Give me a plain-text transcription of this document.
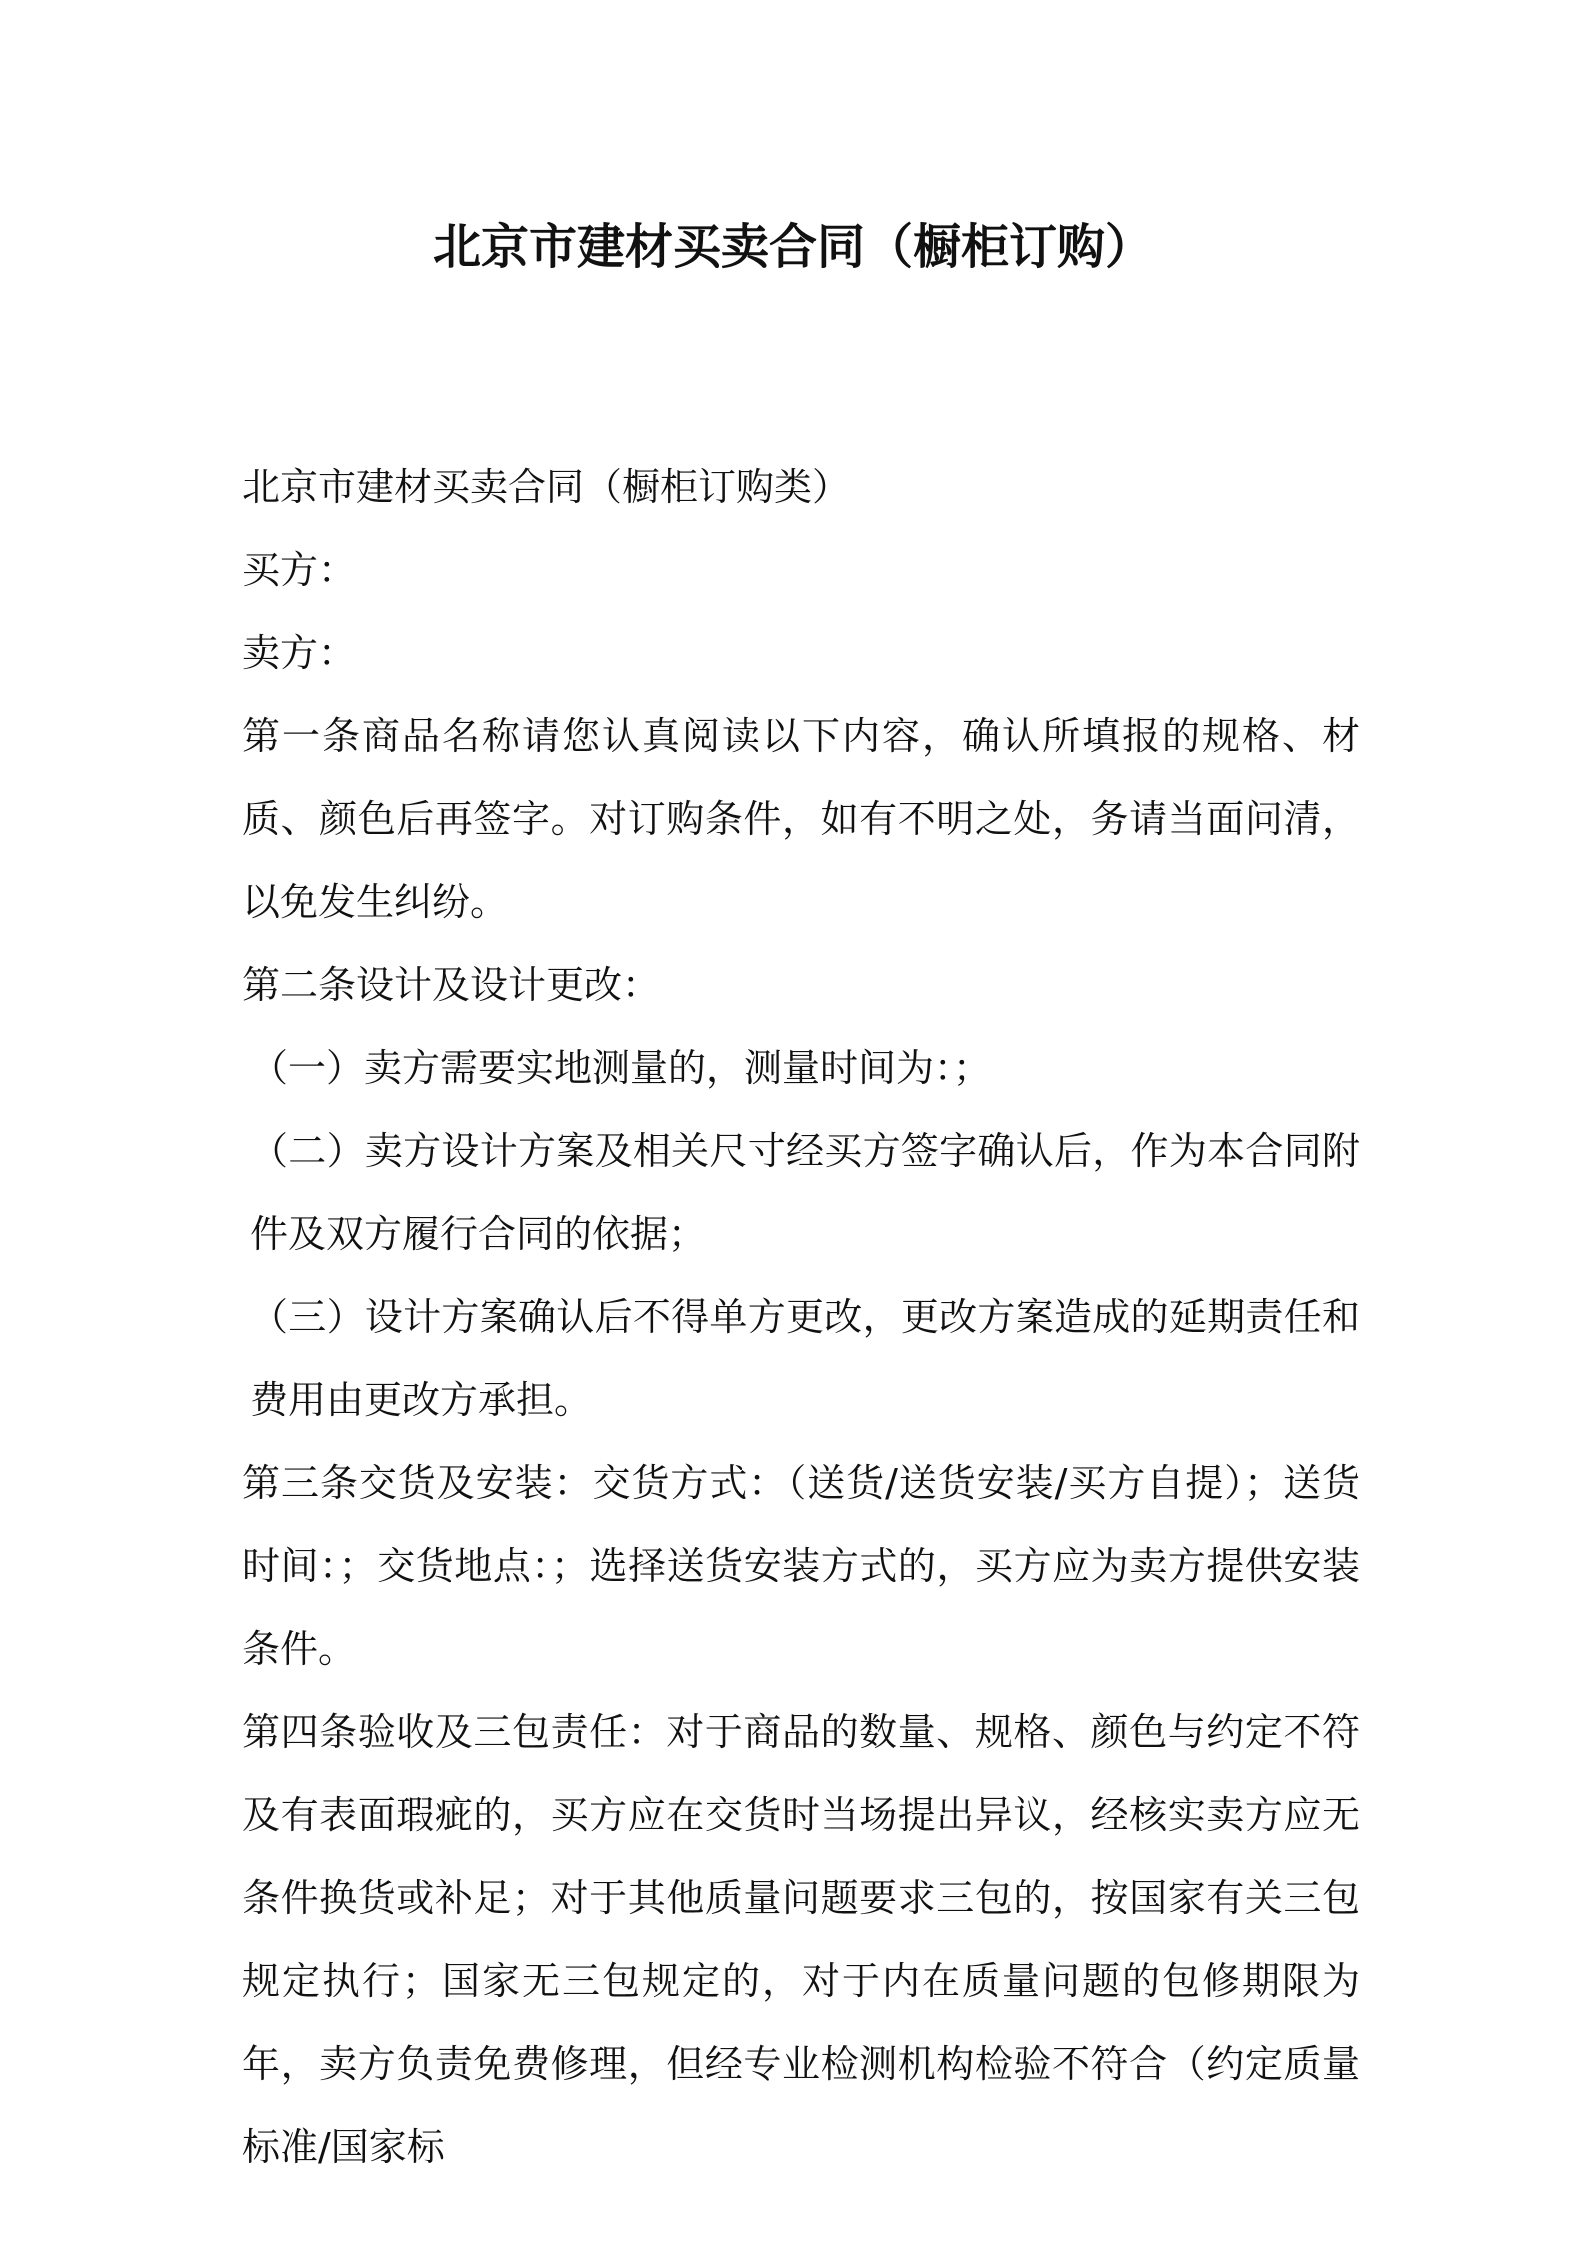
北京市建材买卖合同（橱柜订购）

北京市建材买卖合同（橱柜订购类）

买方：

卖方：

第一条商品名称请您认真阅读以下内容，确认所填报的规格、材质、颜色后再签字。对订购条件，如有不明之处，务请当面问清，以免发生纠纷。

第二条设计及设计更改：

（一）卖方需要实地测量的，测量时间为：；

（二）卖方设计方案及相关尺寸经买方签字确认后，作为本合同附件及双方履行合同的依据；

（三）设计方案确认后不得单方更改，更改方案造成的延期责任和费用由更改方承担。

第三条交货及安装：交货方式：（送货/送货安装/买方自提）；送货时间：；交货地点：；选择送货安装方式的，买方应为卖方提供安装条件。

第四条验收及三包责任：对于商品的数量、规格、颜色与约定不符及有表面瑕疵的，买方应在交货时当场提出异议，经核实卖方应无条件换货或补足；对于其他质量问题要求三包的，按国家有关三包规定执行；国家无三包规定的，对于内在质量问题的包修期限为年，卖方负责免费修理，但经专业检测机构检验不符合（约定质量标准/国家标
